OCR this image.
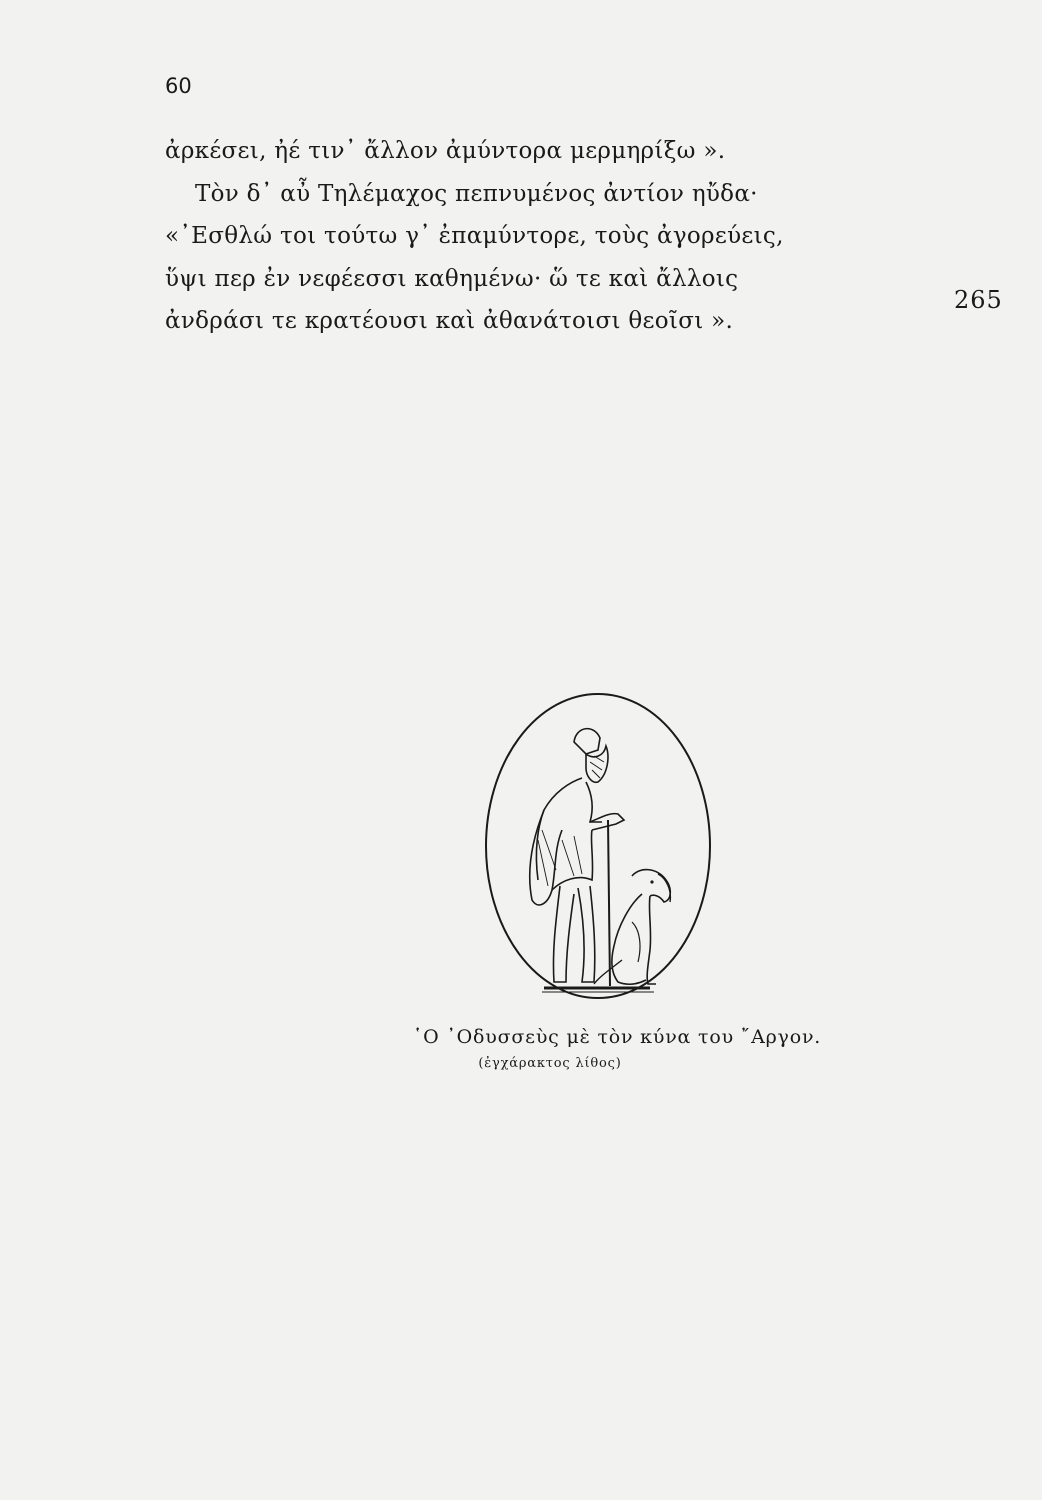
60
ἀρκέσει, ἠέ τιν᾽ ἄλλον ἀμύντορα μερμηρίξω ».
Τὸν δ᾽ αὖ Τηλέμαχος πεπνυμένος ἀντίον ηὔδα·
«᾽Εσθλώ τοι τούτω γ᾽ ἐπαμύντορε, τοὺς ἀγορεύεις,
ὕψι περ ἐν νεφέεσσι καθημένω· ὥ τε καὶ ἄλλοις
ἀνδράσι τε κρατέουσι καὶ ἀθανάτοισι θεοῖσι ».
265
῾Ο ᾽Οδυσσεὺς μὲ τὸν κύνα του ῎Αργον.
(ἐγχάρακτος λίθος)
